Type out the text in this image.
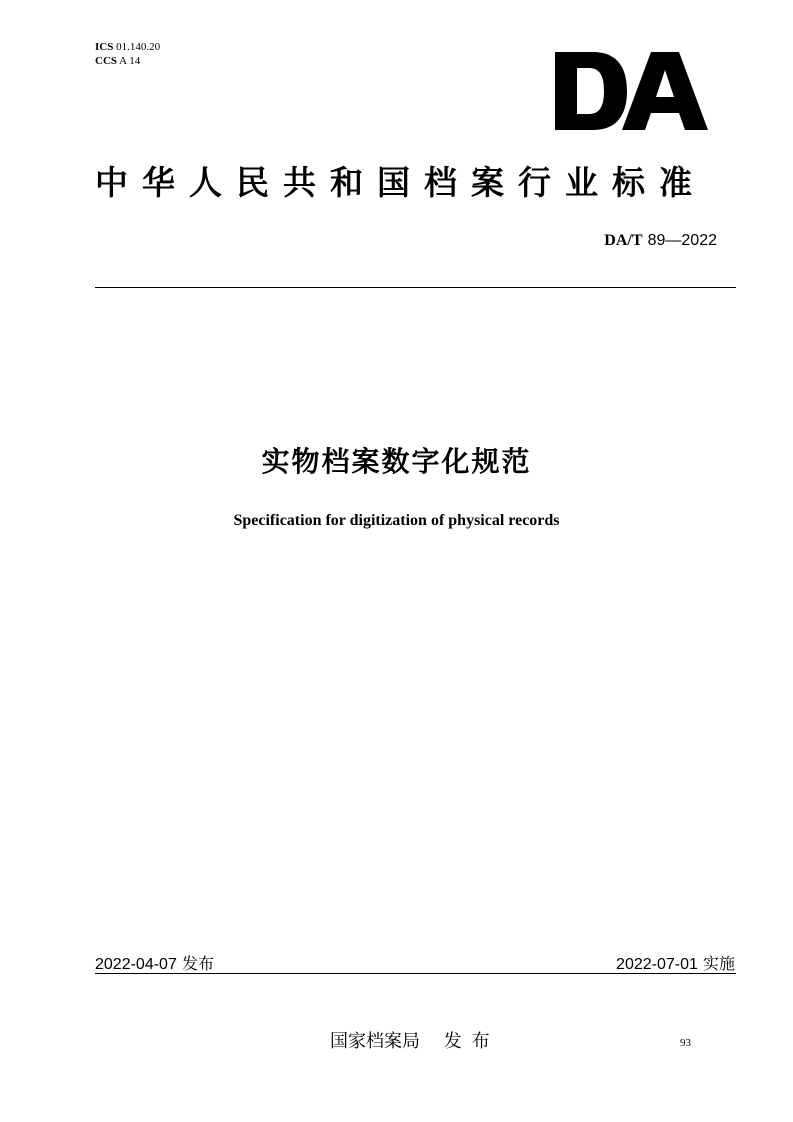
ICS 01.140.20
CCS A 14
中华人民共和国档案行业标准
DA/T 89—2022
实物档案数字化规范
Specification for digitization of physical records
2022-04-07 发布	2022-07-01 实施
国家档案局 发布	93
